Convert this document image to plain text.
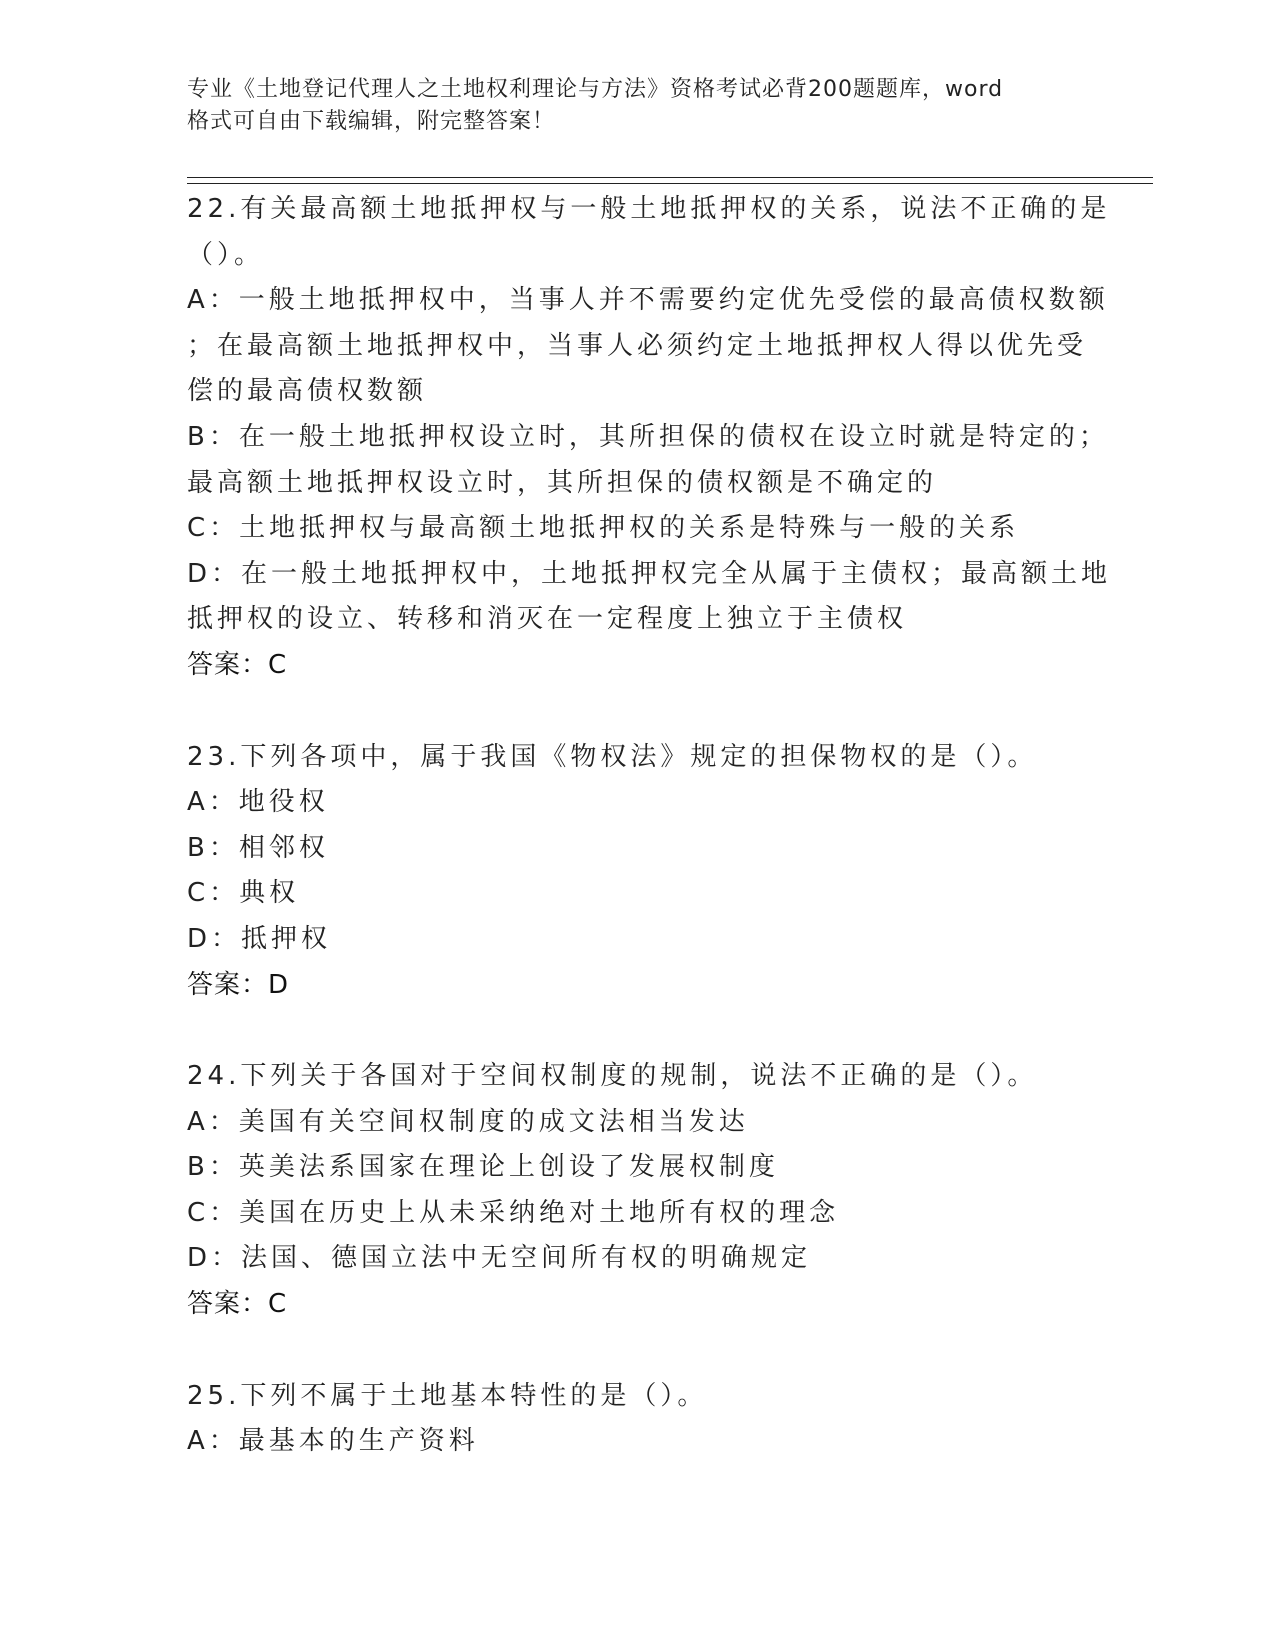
专业《土地登记代理人之土地权利理论与方法》资格考试必背200题题库，word
格式可自由下载编辑，附完整答案！
22.有关最高额土地抵押权与一般土地抵押权的关系，说法不正确的是
（）。
A：一般土地抵押权中，当事人并不需要约定优先受偿的最高债权数额
；在最高额土地抵押权中，当事人必须约定土地抵押权人得以优先受
偿的最高债权数额
B：在一般土地抵押权设立时，其所担保的债权在设立时就是特定的；
最高额土地抵押权设立时，其所担保的债权额是不确定的
C：土地抵押权与最高额土地抵押权的关系是特殊与一般的关系
D：在一般土地抵押权中，土地抵押权完全从属于主债权；最高额土地
抵押权的设立、转移和消灭在一定程度上独立于主债权
答案：C
23.下列各项中，属于我国《物权法》规定的担保物权的是（）。
A：地役权
B：相邻权
C：典权
D：抵押权
答案：D
24.下列关于各国对于空间权制度的规制，说法不正确的是（）。
A：美国有关空间权制度的成文法相当发达
B：英美法系国家在理论上创设了发展权制度
C：美国在历史上从未采纳绝对土地所有权的理念
D：法国、德国立法中无空间所有权的明确规定
答案：C
25.下列不属于土地基本特性的是（）。
A：最基本的生产资料
